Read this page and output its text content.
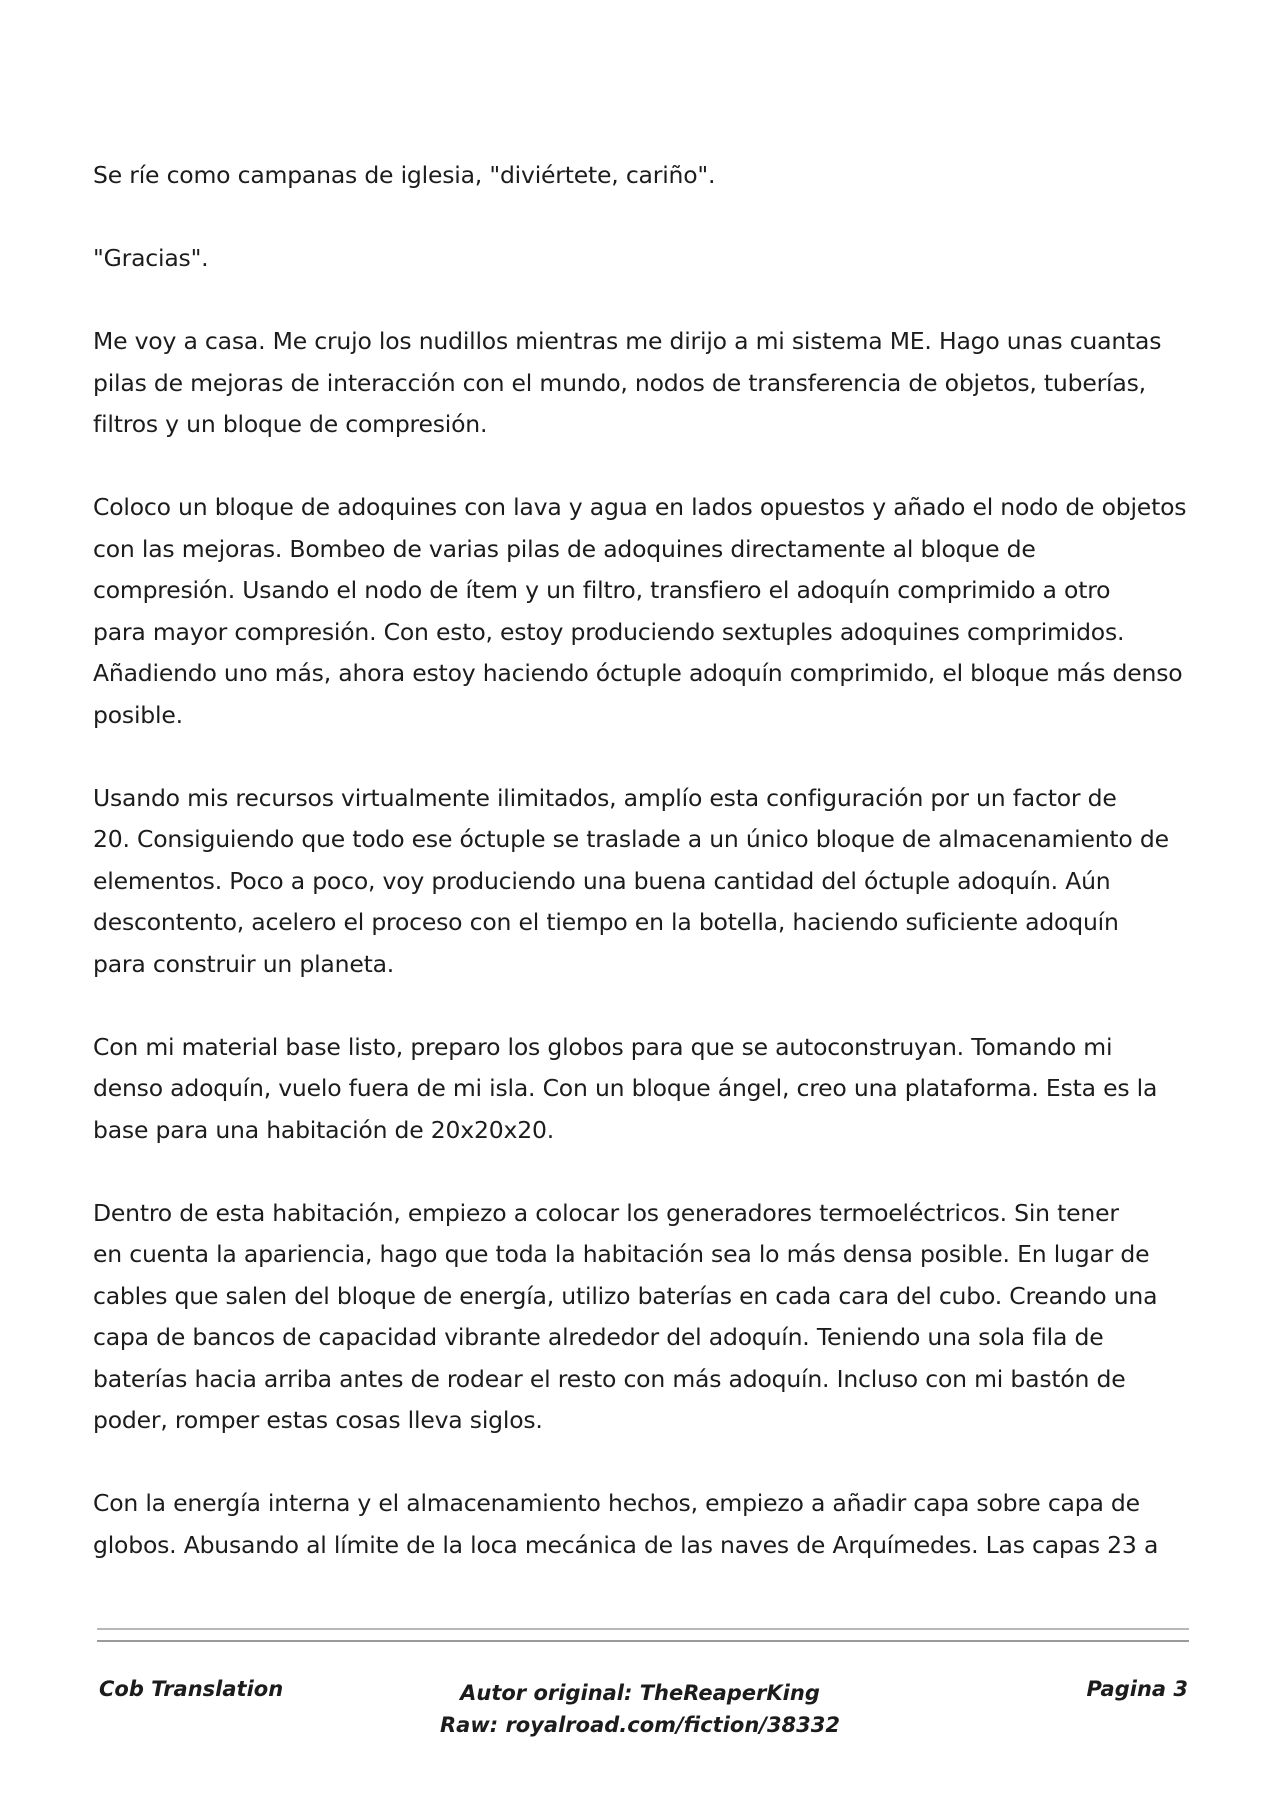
Se ríe como campanas de iglesia, "diviértete, cariño".

"Gracias".

Me voy a casa. Me crujo los nudillos mientras me dirijo a mi sistema ME. Hago unas cuantas
pilas de mejoras de interacción con el mundo, nodos de transferencia de objetos, tuberías,
filtros y un bloque de compresión.

Coloco un bloque de adoquines con lava y agua en lados opuestos y añado el nodo de objetos
con las mejoras. Bombeo de varias pilas de adoquines directamente al bloque de
compresión. Usando el nodo de ítem y un filtro, transfiero el adoquín comprimido a otro
para mayor compresión. Con esto, estoy produciendo sextuples adoquines comprimidos.
Añadiendo uno más, ahora estoy haciendo óctuple adoquín comprimido, el bloque más denso
posible.

Usando mis recursos virtualmente ilimitados, amplío esta configuración por un factor de
20. Consiguiendo que todo ese óctuple se traslade a un único bloque de almacenamiento de
elementos. Poco a poco, voy produciendo una buena cantidad del óctuple adoquín. Aún
descontento, acelero el proceso con el tiempo en la botella, haciendo suficiente adoquín
para construir un planeta.

Con mi material base listo, preparo los globos para que se autoconstruyan. Tomando mi
denso adoquín, vuelo fuera de mi isla. Con un bloque ángel, creo una plataforma. Esta es la
base para una habitación de 20x20x20.

Dentro de esta habitación, empiezo a colocar los generadores termoeléctricos. Sin tener
en cuenta la apariencia, hago que toda la habitación sea lo más densa posible. En lugar de
cables que salen del bloque de energía, utilizo baterías en cada cara del cubo. Creando una
capa de bancos de capacidad vibrante alrededor del adoquín. Teniendo una sola fila de
baterías hacia arriba antes de rodear el resto con más adoquín. Incluso con mi bastón de
poder, romper estas cosas lleva siglos.

Con la energía interna y el almacenamiento hechos, empiezo a añadir capa sobre capa de
globos. Abusando al límite de la loca mecánica de las naves de Arquímedes. Las capas 23 a

Cob Translation	Autor original: TheReaperKing
Raw: royalroad.com/fiction/38332
Pagina 3
